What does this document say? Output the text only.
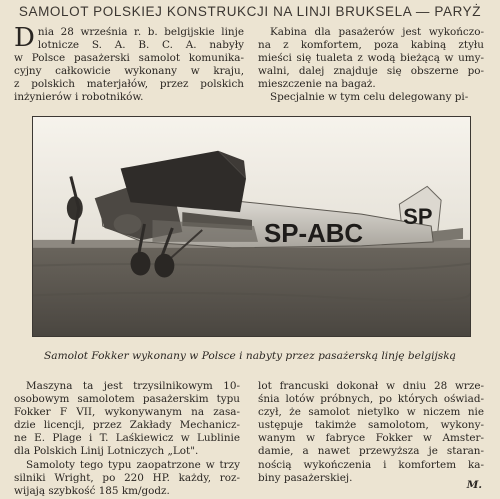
SAMOLOT POLSKIEJ KONSTRUKCJI NA LINJI BRUKSELA — PARYŻ
D nia 28 września r. b. belgijskie linje
lotnicze S. A. B. C. A. nabyły
w Polsce pasażerski samolot komunika-
cyjny całkowicie wykonany w kraju,
z polskich materjałów, przez polskich
inżynierów i robotników.
Kabina dla pasażerów jest wykończo-
na z komfortem, poza kabiną ztyłu
mieści się tualeta z wodą bieżącą w umy-
walni, dalej znajduje się obszerne po-
mieszczenie na bagaż.
Specjalnie w tym celu delegowany pi-
SP-ABC
SP
Samolot Fokker wykonany w Polsce i nabyty przez pasażerską linję belgijską
Maszyna ta jest trzysilnikowym 10-
osobowym samolotem pasażerskim typu
Fokker F VII, wykonywanym na zasa-
dzie licencji, przez Zakłady Mechanicz-
ne E. Plage i T. Laśkiewicz w Lublinie
dla Polskich Linij Lotniczych „Lot".
Samoloty tego typu zaopatrzone w trzy
silniki Wright, po 220 HP. każdy, roz-
wijają szybkość 185 km/godz.
lot francuski dokonał w dniu 28 wrze-
śnia lotów próbnych, po których oświad-
czył, że samolot nietylko w niczem nie
ustępuje takimże samolotom, wykony-
wanym w fabryce Fokker w Amster-
damie, a nawet przewyższa je staran-
nością wykończenia i komfortem ka-
biny pasażerskiej.
M.
